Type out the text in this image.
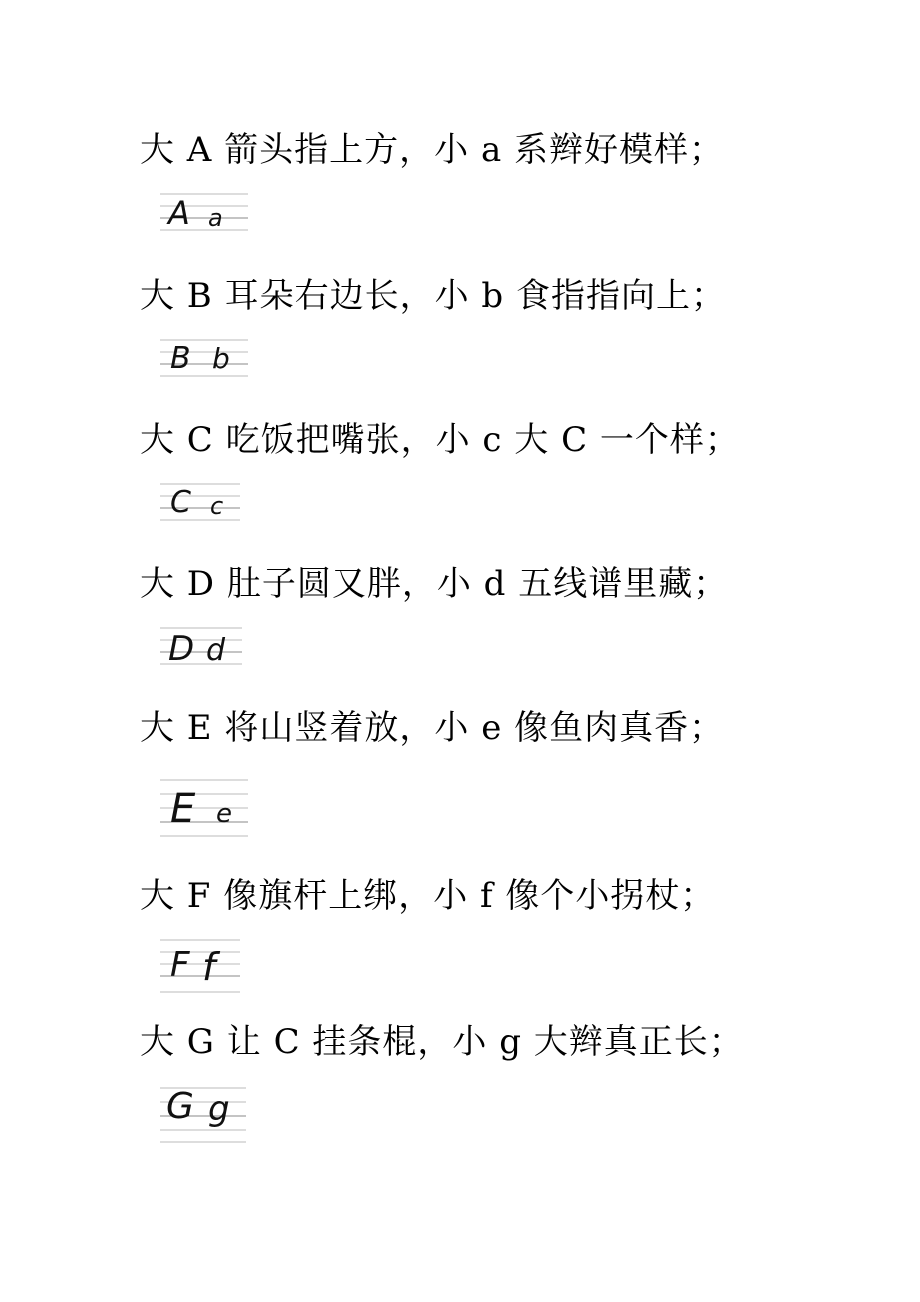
大 A 箭头指上方，小 a 系辫好模样；
A a
大 B 耳朵右边长，小 b 食指指向上；
B b
大 C 吃饭把嘴张，小 c 大 C 一个样；
C c
大 D 肚子圆又胖，小 d 五线谱里藏；
D d
大 E 将山竖着放，小 e 像鱼肉真香；
E e
大 F 像旗杆上绑，小 f 像个小拐杖；
F f
大 G 让 C 挂条棍，小 g 大辫真正长；
G g
